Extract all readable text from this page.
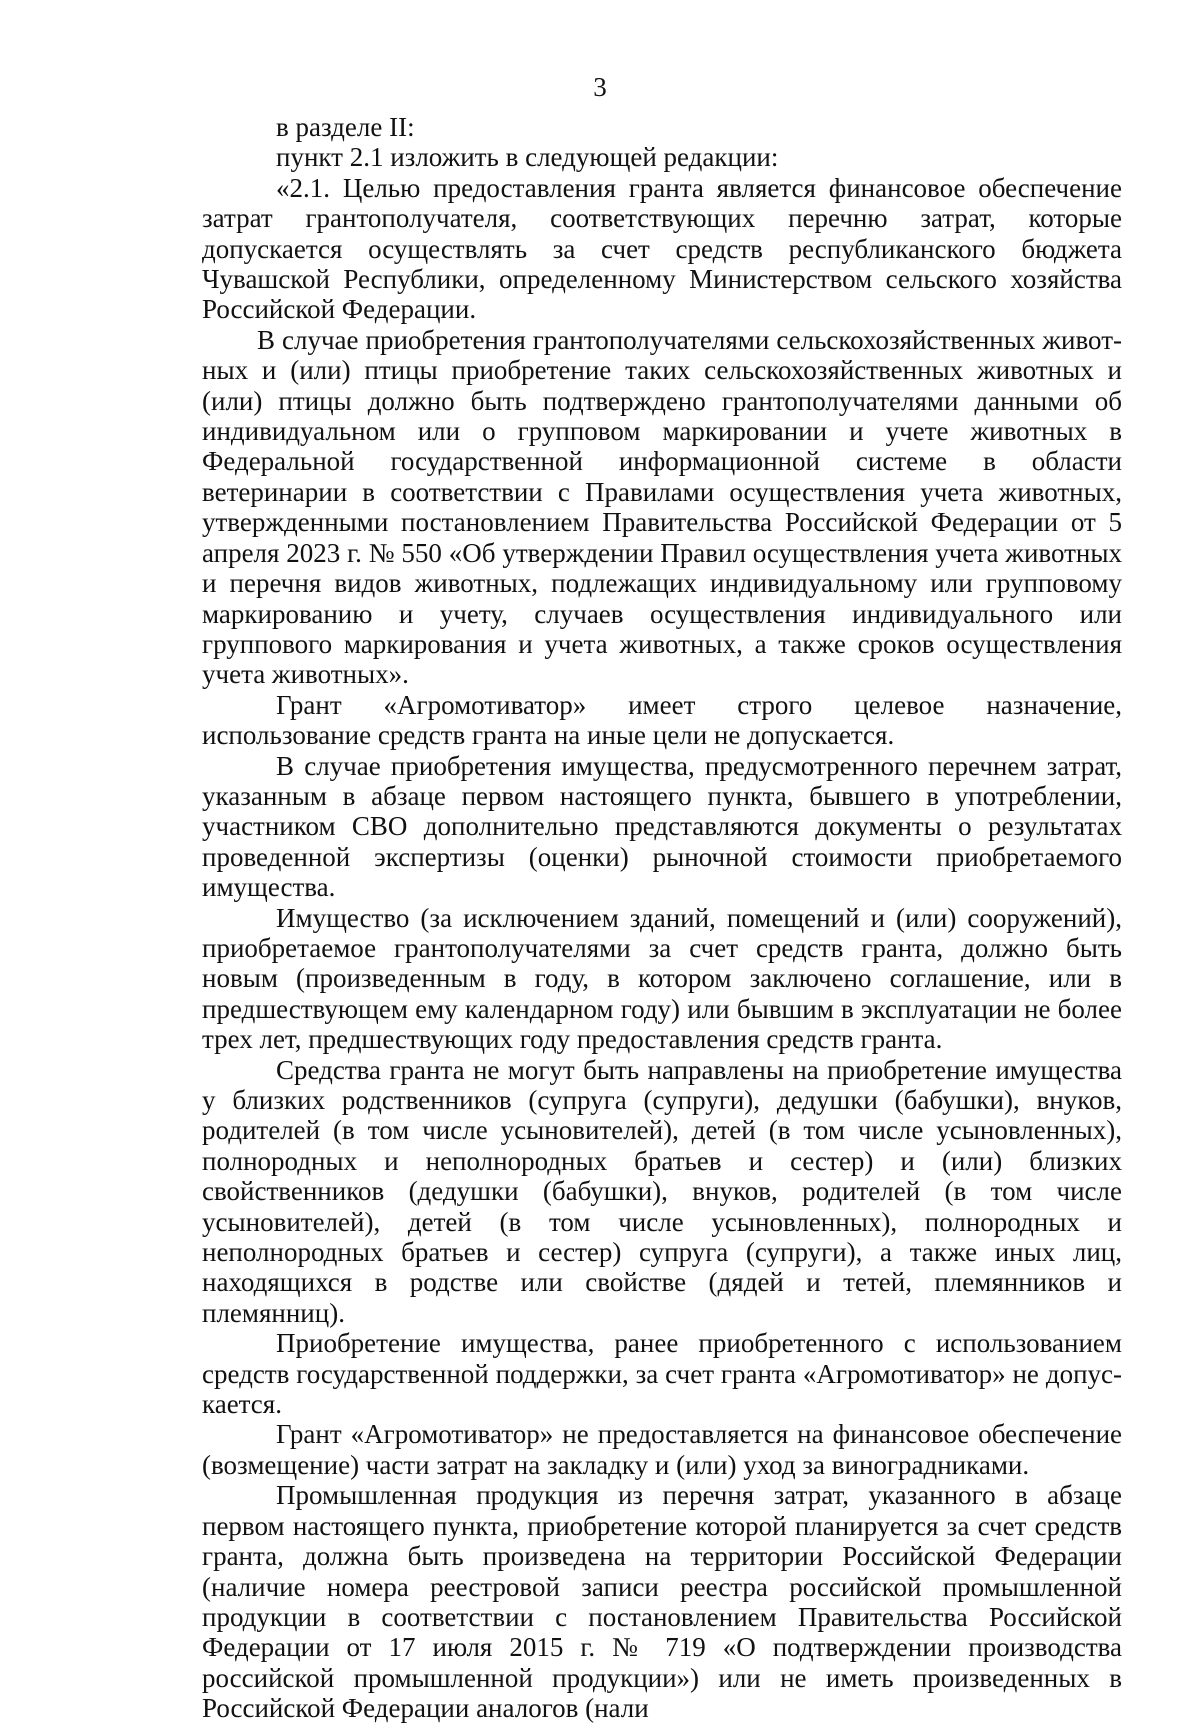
3

в разделе II:

пункт 2.1 изложить в следующей редакции:

«2.1. Целью предоставления гранта является финансовое обеспечение затрат грантополучателя, соответствующих перечню затрат, которые допускается осуществлять за счет средств республиканского бюджета Чувашской Республики, определенному Министерством сельского хозяйства Российской Федерации.

В случае приобретения грантополучателями сельскохозяйственных животных и (или) птицы приобретение таких сельскохозяйственных животных и (или) птицы должно быть подтверждено грантополучателями данными об индивидуальном или о групповом маркировании и учете животных в Федеральной государственной информационной системе в области ветеринарии в соответствии с Правилами осуществления учета животных, утвержденными постановлением Правительства Российской Федерации от 5 апреля 2023 г. № 550 «Об утверждении Правил осуществления учета животных и перечня видов животных, подлежащих индивидуальному или групповому маркированию и учету, случаев осуществления индивидуального или группового маркирования и учета животных, а также сроков осуществления учета животных».

Грант «Агромотиватор» имеет строго целевое назначение, использование средств гранта на иные цели не допускается.

В случае приобретения имущества, предусмотренного перечнем затрат, указанным в абзаце первом настоящего пункта, бывшего в употреблении, участником СВО дополнительно представляются документы о результатах проведенной экспертизы (оценки) рыночной стоимости приобретаемого имущества.

Имущество (за исключением зданий, помещений и (или) сооружений), приобретаемое грантополучателями за счет средств гранта, должно быть новым (произведенным в году, в котором заключено соглашение, или в предшествующем ему календарном году) или бывшим в эксплуатации не более трех лет, предшествующих году предоставления средств гранта.

Средства гранта не могут быть направлены на приобретение имущества у близких родственников (супруга (супруги), дедушки (бабушки), внуков, родителей (в том числе усыновителей), детей (в том числе усыновленных), полнородных и неполнородных братьев и сестер) и (или) близких свойственников (дедушки (бабушки), внуков, родителей (в том числе усыновителей), детей (в том числе усыновленных), полнородных и неполнородных братьев и сестер) супруга (супруги), а также иных лиц, находящихся в родстве или свойстве (дядей и тетей, племянников и племянниц).

Приобретение имущества, ранее приобретенного с использованием средств государственной поддержки, за счет гранта «Агромотиватор» не допускается.

Грант «Агромотиватор» не предоставляется на финансовое обеспечение (возмещение) части затрат на закладку и (или) уход за виноградниками.

Промышленная продукция из перечня затрат, указанного в абзаце первом настоящего пункта, приобретение которой планируется за счет средств гранта, должна быть произведена на территории Российской Федерации (наличие номера реестровой записи реестра российской промышленной продукции в соответствии с постановлением Правительства Российской Федерации от 17 июля 2015 г. № 719 «О подтверждении производства российской промышленной продукции») или не иметь произведенных в Российской Федерации аналогов (нали
